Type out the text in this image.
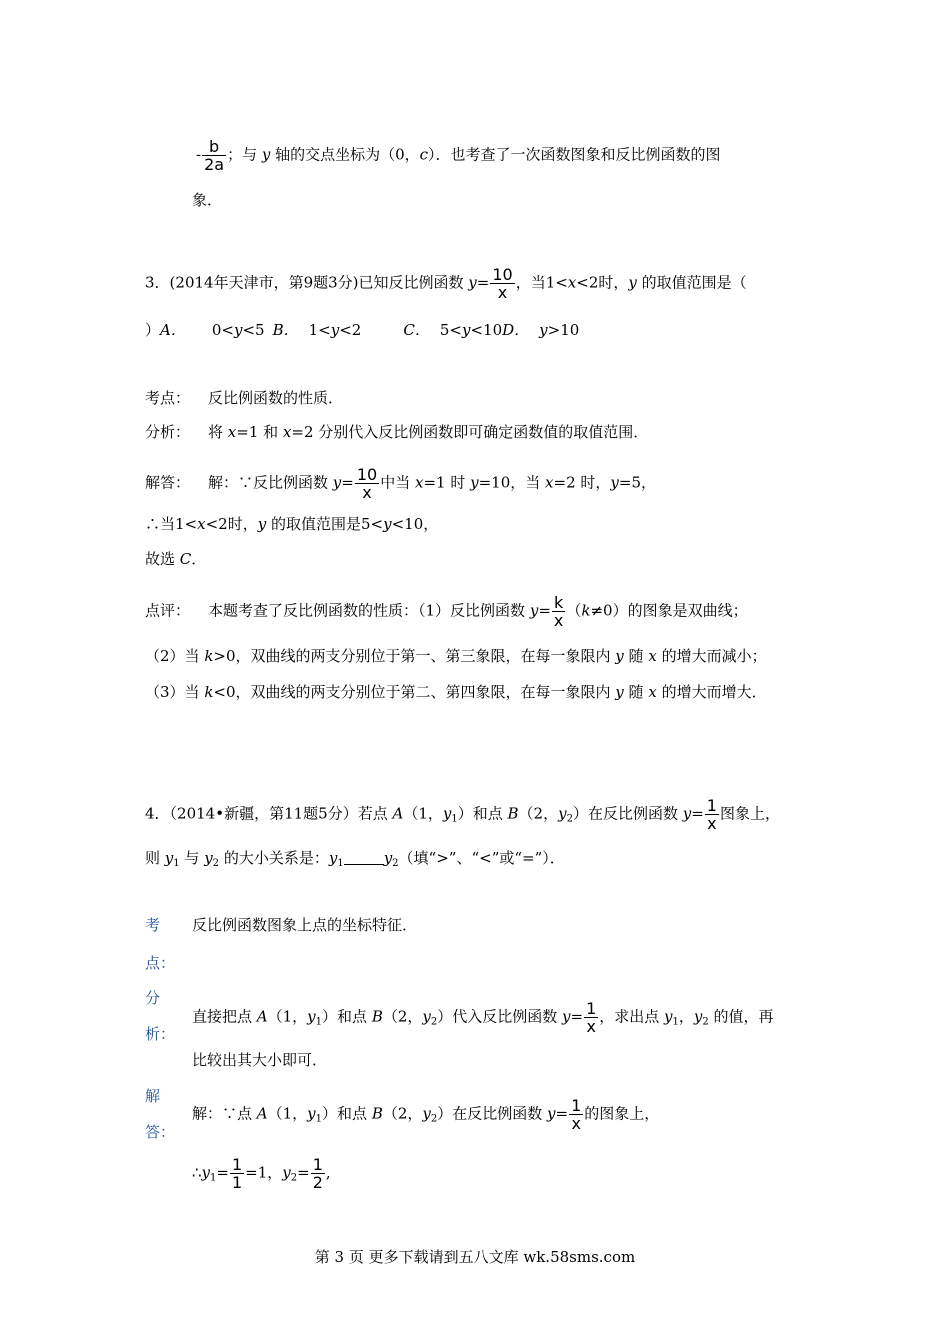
- $\frac{b}{2a}$ ；与 y 轴的交点坐标为（0，c）．也考查了一次函数图象和反比例函数的图
象．
3．(2014年天津市，第9题3分)已知反比例函数 $y= \frac{10}{x}$ ，当1<x<2时，y 的取值范围是（
）A． 0<y<5 B． 1<y<2	C． 5<y<10D． y>10
考点： 反比例函数的性质．
分析： 将 x=1 和 x=2 分别代入反比例函数即可确定函数值的取值范围．
解答： 解：∵反比例函数 $y= \frac{10}{x}$ 中当 x=1 时 y=10，当 x=2 时，y=5，
∴当1<x<2时，y 的取值范围是5<y<10，
故选 C．
点评： 本题考查了反比例函数的性质：（1）反比例函数 $y= \frac{k}{x} (k\ne 0)$的图象是双曲线；
（2）当 k>0，双曲线的两支分别位于第一、第三象限，在每一象限内 y 随 x 的增大而减小；
（3）当 k<0，双曲线的两支分别位于第二、第四象限，在每一象限内 y 随 x 的增大而增大．
4．（2014•新疆，第11题5分）若点 A（1，$y_1$）和点 B（2，$y_2$）在反比例函数 $y= \frac{1}{x}$ 图象上，
则 $y_1$ 与 $y_2$ 的大小关系是：$y_1$	$y_2$（填“>”、“<”或“=”）．
考
点：
反比例函数图象上点的坐标特征．
分
析：
直接把点 A（1，$y_1$）和点 B（2，$y_2$）代入反比例函数 $y= \frac{1}{x}$ ，求出点 $y_1$，$y_2$ 的值，再
比较出其大小即可．
解
答：
解：∵点 A（1，$y_1$）和点 B（2，$y_2$）在反比例函数 $y= \frac{1}{x}$ 的图象上，
$\therefore y_1= \frac{1}{1} =1$，$y_2= \frac{1}{2}$ ,
第 3 页 更多下载请到五八文库 wk.58sms.com
